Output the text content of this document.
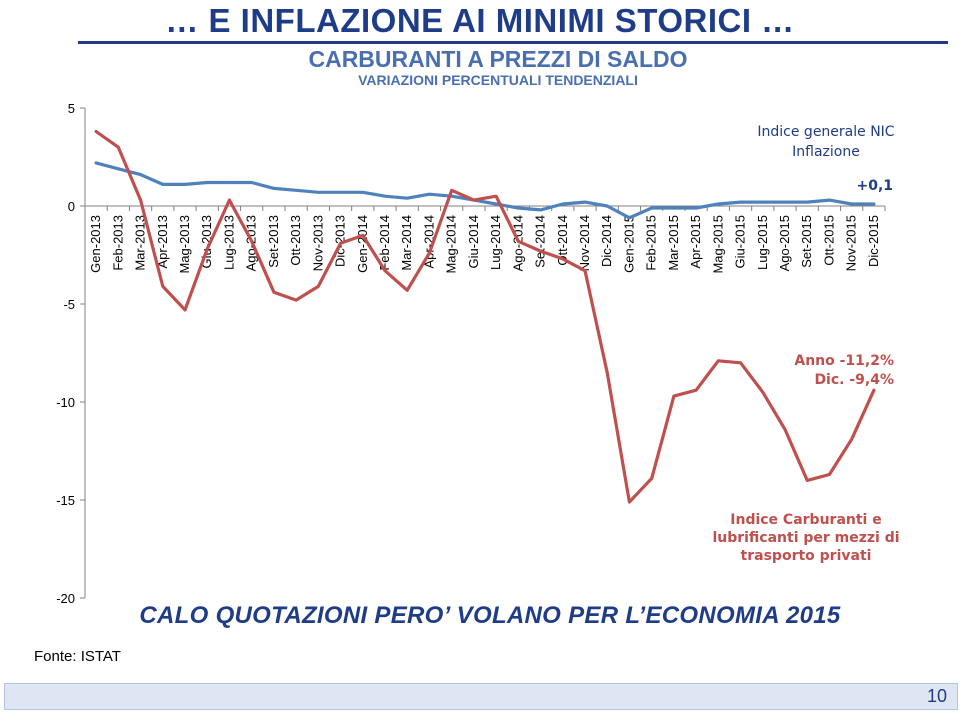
… E INFLAZIONE AI MINIMI STORICI …
CARBURANTI A PREZZI DI SALDO
VARIAZIONI PERCENTUALI TENDENZIALI
5
0
-5
-10
-15
-20
Gen-2013 Feb-2013 Mar-2013 Apr-2013 Mag-2013 Giu-2013 Lug-2013 Ago-2013 Set-2013 Ott-2013 Nov-2013 Dic-2013 Gen-2014 Feb-2014 Mar-2014 Apr-2014 Mag-2014 Giu-2014 Lug-2014 Ago-2014 Set-2014 Ott-2014 Nov-2014 Dic-2014 Gen-2015 Feb-2015 Mar-2015 Apr-2015 Mag-2015 Giu-2015 Lug-2015 Ago-2015 Set-2015 Ott-2015 Nov-2015 Dic-2015
Indice generale NIC
Inflazione
+0,1
Anno -11,2%
Dic. -9,4%
Indice Carburanti e
lubrificanti per mezzi di
trasporto privati
CALO QUOTAZIONI PERO’ VOLANO PER L’ECONOMIA 2015
Fonte: ISTAT
10
